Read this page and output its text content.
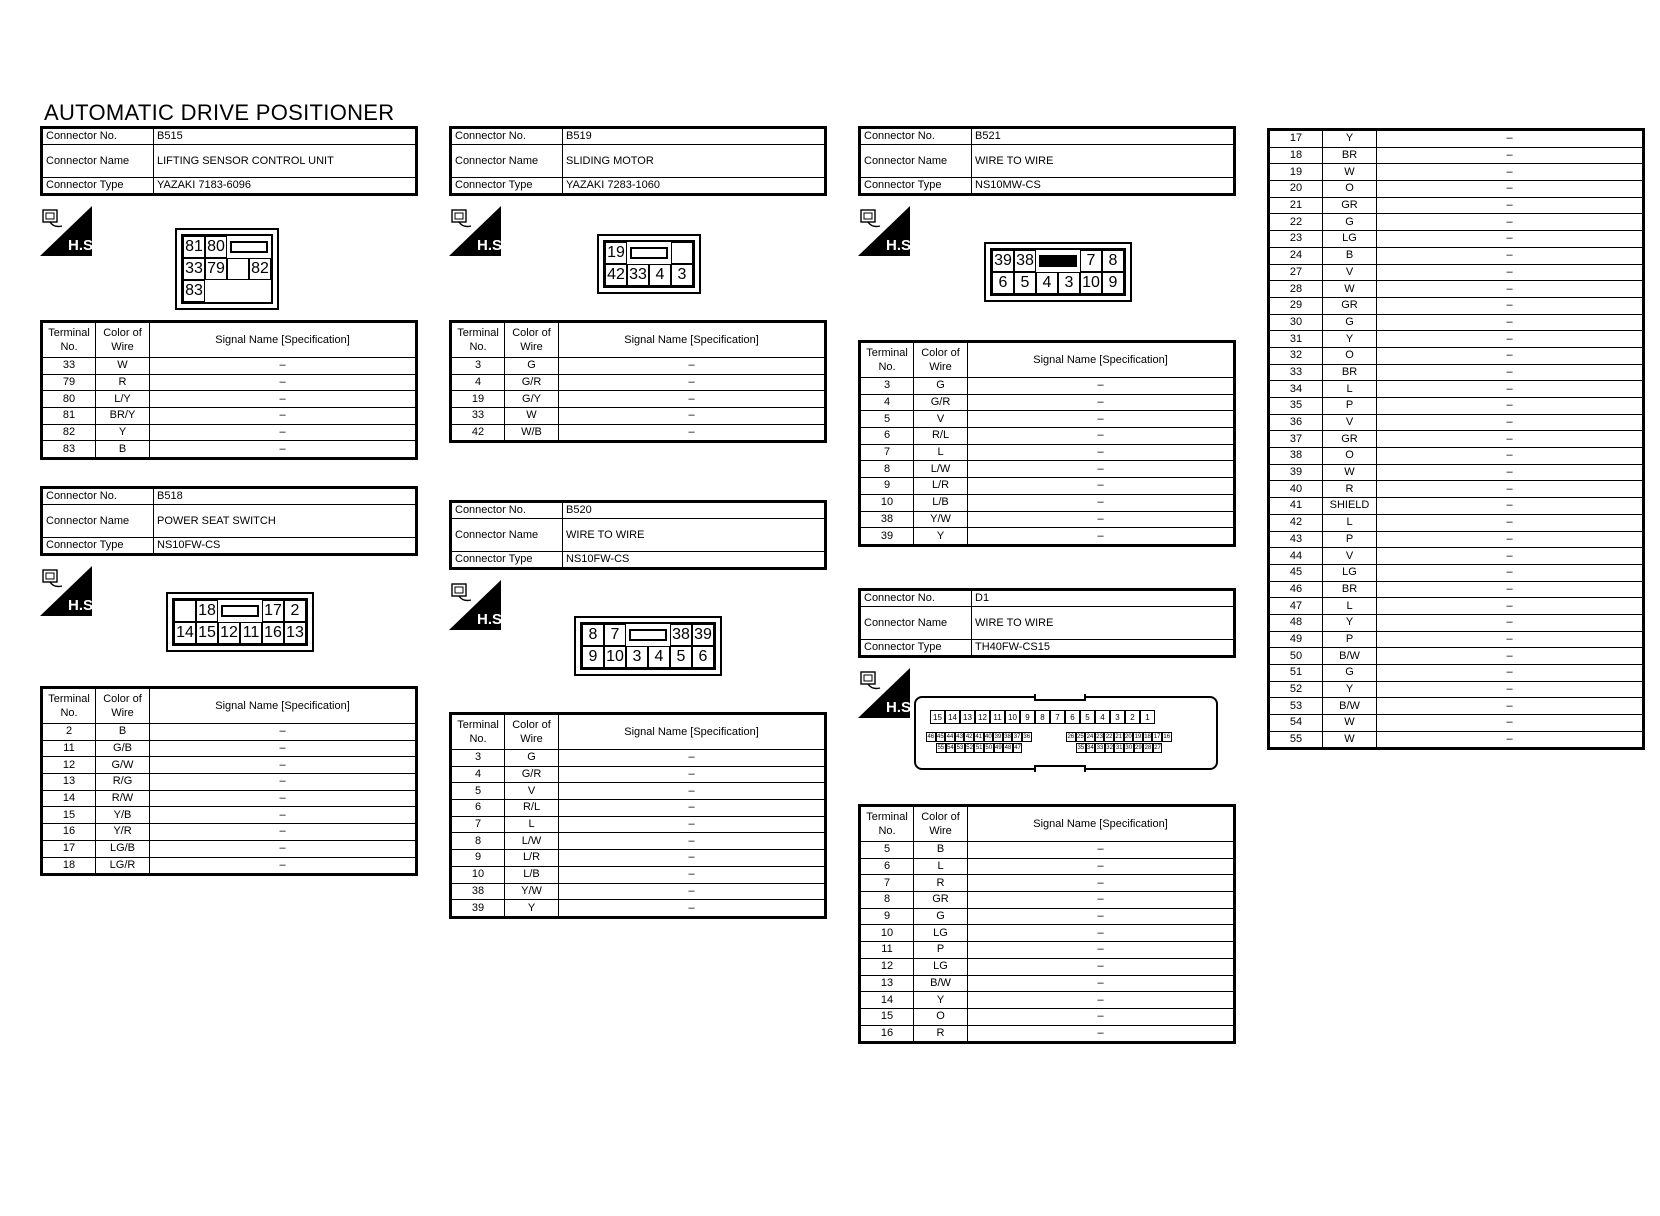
AUTOMATIC DRIVE POSITIONER
Connector No.	B515
Connector Name	LIFTING SENSOR CONTROL UNIT
Connector Type	YAZAKI 7183-6096
H.S.	81 80
33 79 82
83
Terminal No.	Color of Wire	Signal Name [Specification]
33	W	–
79	R	–
80	L/Y	–
81	BR/Y	–
82	Y	–
83	B	–
Connector No.	B518
Connector Name	POWER SEAT SWITCH
Connector Type	NS10FW-CS
H.S.	18	17 2
14 15 12 11 16 13
Terminal No.	Color of Wire	Signal Name [Specification]
2	B	–
11	G/B	–
12	G/W	–
13	R/G	–
14	R/W	–
15	Y/B	–
16	Y/R	–
17	LG/B	–
18	LG/R	–
Connector No.	B519
Connector Name	SLIDING MOTOR
Connector Type	YAZAKI 7283-1060
H.S.	19
42 33 4 3
Terminal No.	Color of Wire	Signal Name [Specification]
3	G	–
4	G/R	–
19	G/Y	–
33	W	–
42	W/B	–
Connector No.	B520
Connector Name	WIRE TO WIRE
Connector Type	NS10FW-CS
H.S.
8 7	38 39
9 10 3 4 5 6
Terminal No.	Color of Wire	Signal Name [Specification]
3	G	–
4	G/R	–
5	V	–
6	R/L	–
7	L	–
8	L/W	–
9	L/R	–
10	L/B	–
38	Y/W	–
39	Y	–
Connector No.	B521
Connector Name	WIRE TO WIRE
Connector Type	NS10MW-CS
H.S.
39 38	7 8
6 5 4 3 10 9
Terminal No.	Color of Wire	Signal Name [Specification]
3	G	–
4	G/R	–
5	V	–
6	R/L	–
7	L	–
8	L/W	–
9	L/R	–
10	L/B	–
38	Y/W	–
39	Y	–
Connector No.	D1
Connector Name	WIRE TO WIRE
Connector Type	TH40FW-CS15
H.S.
15 14 13 12 11 10	9	8	7	6	5	4	3	2	1
46 45 44 43 42 41 40 39 38 37 36	26 25 24 23 22 21 20 19 18 17 16
55 54 53 52 51 50 49 48 47	35 34 33 32 31 30 29 28 27
Terminal No.	Color of Wire	Signal Name [Specification]
5	B	–
6	L	–
7	R	–
8	GR	–
9	G	–
10	LG	–
11	P	–
12	LG	–
13	B/W	–
14	Y	–
15	O	–
16	R	–
17	Y	–
18	BR	–
19	W	–
20	O	–
21	GR	–
22	G	–
23	LG	–
24	B	–
27	V	–
28	W	–
29	GR	–
30	G	–
31	Y	–
32	O	–
33	BR	–
34	L	–
35	P	–
36	V	–
37	GR	–
38	O	–
39	W	–
40	R	–
41	SHIELD	–
42	L	–
43	P	–
44	V	–
45	LG	–
46	BR	–
47	L	–
48	Y	–
49	P	–
50	B/W	–
51	G	–
52	Y	–
53	B/W	–
54	W	–
55	W	–
